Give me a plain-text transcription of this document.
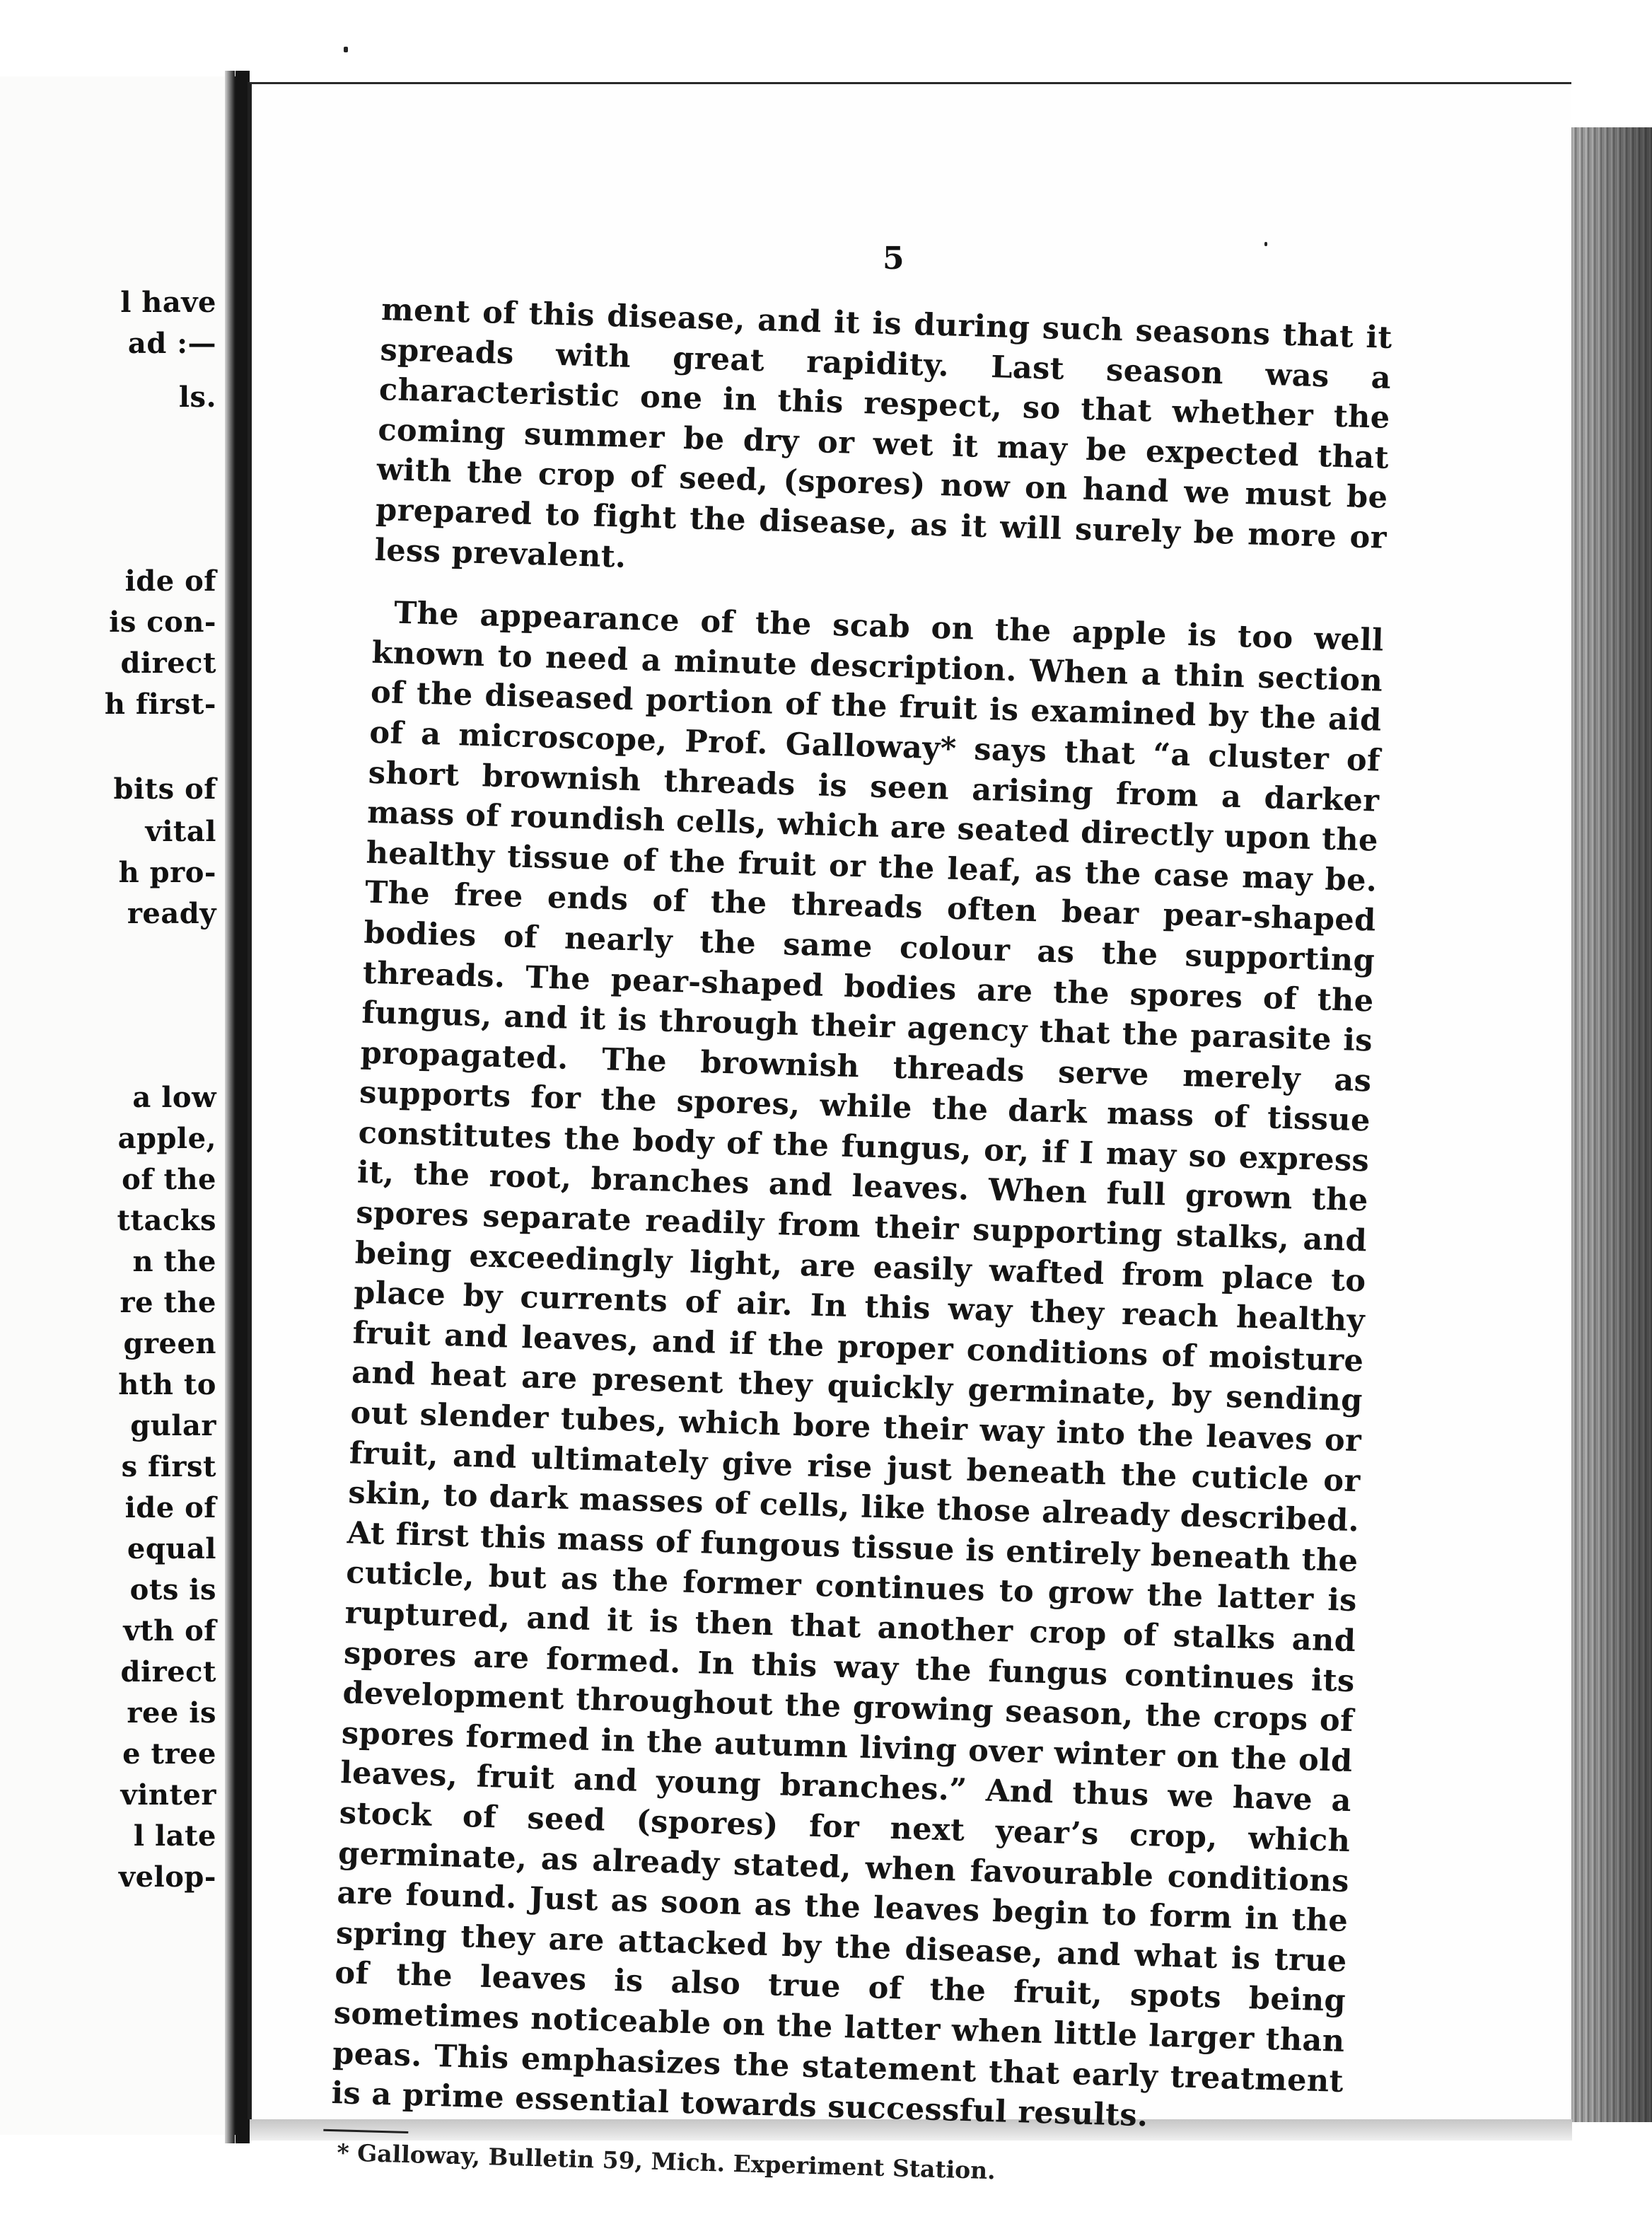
l have
ad :—
ls.
ide of
is con-
direct
h first-
bits of
vital
h pro-
ready
a low
apple,
of the
ttacks
n the
re the
green
hth to
gular
s first
ide of
equal
ots is
vth of
direct
ree is
e tree
vinter
l late
velop-
5

ment of this disease, and it is during such seasons that it spreads with great rapidity. Last season was a characteristic one in this respect, so that whether the coming summer be dry or wet it may be expected that with the crop of seed, (spores) now on hand we must be prepared to fight the disease, as it will surely be more or less prevalent.

The appearance of the scab on the apple is too well known to need a minute description. When a thin section of the diseased portion of the fruit is examined by the aid of a microscope, Prof. Galloway* says that “a cluster of short brownish threads is seen arising from a darker mass of roundish cells, which are seated directly upon the healthy tissue of the fruit or the leaf, as the case may be. The free ends of the threads often bear pear-shaped bodies of nearly the same colour as the supporting threads. The pear-shaped bodies are the spores of the fungus, and it is through their agency that the parasite is propagated. The brownish threads serve merely as supports for the spores, while the dark mass of tissue constitutes the body of the fungus, or, if I may so express it, the root, branches and leaves. When full grown the spores separate readily from their supporting stalks, and being exceedingly light, are easily wafted from place to place by currents of air. In this way they reach healthy fruit and leaves, and if the proper conditions of moisture and heat are present they quickly germinate, by sending out slender tubes, which bore their way into the leaves or fruit, and ultimately give rise just beneath the cuticle or skin, to dark masses of cells, like those already described. At first this mass of fungous tissue is entirely beneath the cuticle, but as the former continues to grow the latter is ruptured, and it is then that another crop of stalks and spores are formed. In this way the fungus continues its development throughout the growing season, the crops of spores formed in the autumn living over winter on the old leaves, fruit and young branches.” And thus we have a stock of seed (spores) for next year’s crop, which germinate, as already stated, when favourable conditions are found. Just as soon as the leaves begin to form in the spring they are attacked by the disease, and what is true of the leaves is also true of the fruit, spots being sometimes noticeable on the latter when little larger than peas. This emphasizes the statement that early treatment is a prime essential towards successful results.

* Galloway, Bulletin 59, Mich. Experiment Station.
